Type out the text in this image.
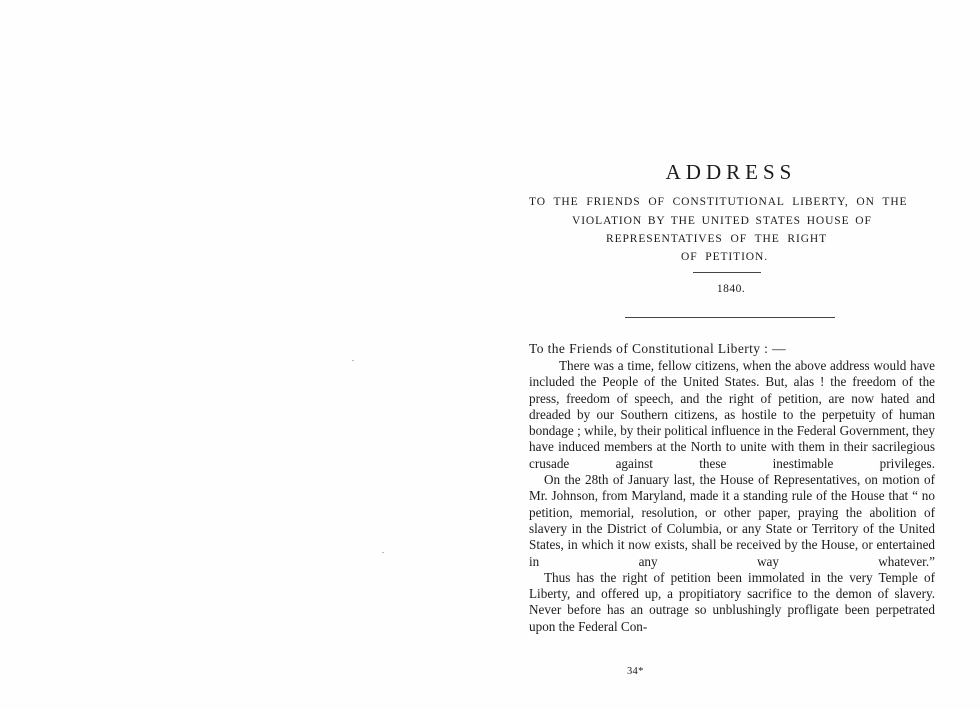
ADDRESS
TO THE FRIENDS OF CONSTITUTIONAL LIBERTY, ON THE
VIOLATION BY THE UNITED STATES HOUSE OF
REPRESENTATIVES OF THE RIGHT
OF PETITION.
1840.
To the Friends of Constitutional Liberty : —

There was a time, fellow citizens, when the above address would have included the People of the United States. But, alas ! the freedom of the press, freedom of speech, and the right of petition, are now hated and dreaded by our Southern citizens, as hostile to the perpetuity of human bondage ; while, by their political influence in the Federal Government, they have induced members at the North to unite with them in their sacrilegious crusade against these inestimable privileges.

On the 28th of January last, the House of Representatives, on motion of Mr. Johnson, from Maryland, made it a standing rule of the House that “ no petition, memorial, resolution, or other paper, praying the abolition of slavery in the District of Columbia, or any State or Territory of the United States, in which it now exists, shall be received by the House, or entertained in any way whatever.”

Thus has the right of petition been immolated in the very Temple of Liberty, and offered up, a propitiatory sacrifice to the demon of slavery. Never before has an outrage so unblushingly profligate been perpetrated upon the Federal Con-

34*
